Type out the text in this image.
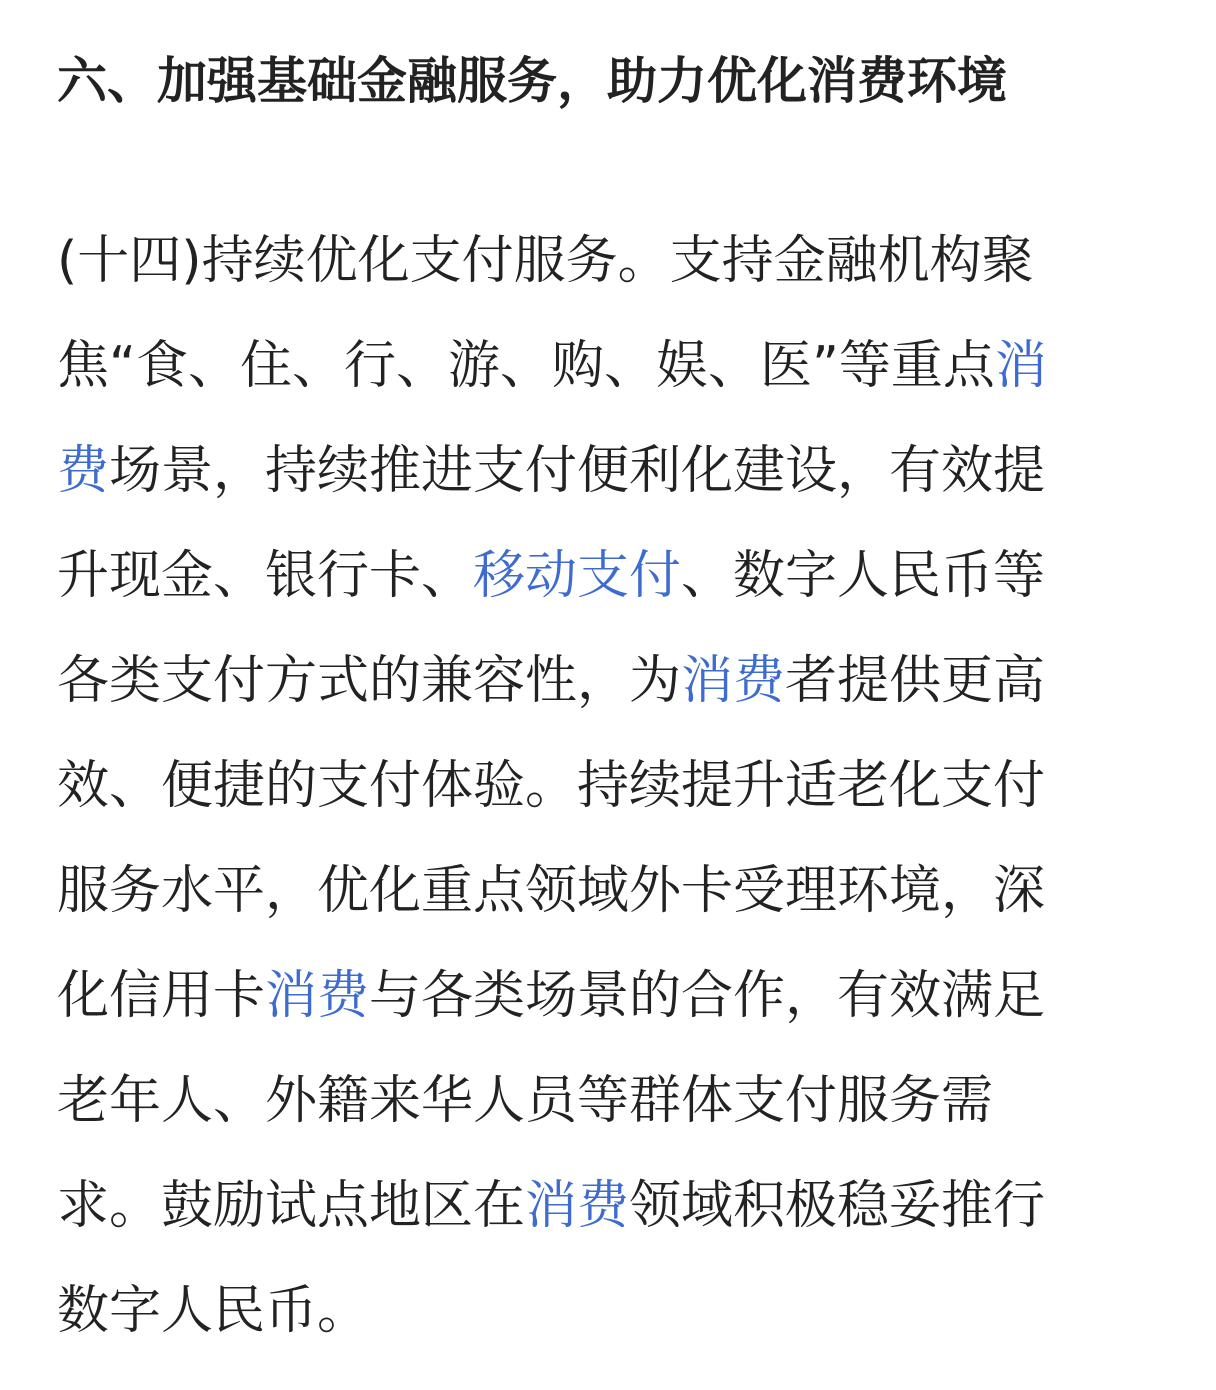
六、加强基础金融服务，助力优化消费环境

(十四)持续优化支付服务。支持金融机构聚

焦“食、住、行、游、购、娱、医”等重点消

费场景，持续推进支付便利化建设，有效提

升现金、银行卡、移动支付、数字人民币等

各类支付方式的兼容性，为消费者提供更高

效、便捷的支付体验。持续提升适老化支付

服务水平，优化重点领域外卡受理环境，深

化信用卡消费与各类场景的合作，有效满足

老年人、外籍来华人员等群体支付服务需

求。鼓励试点地区在消费领域积极稳妥推行

数字人民币。
